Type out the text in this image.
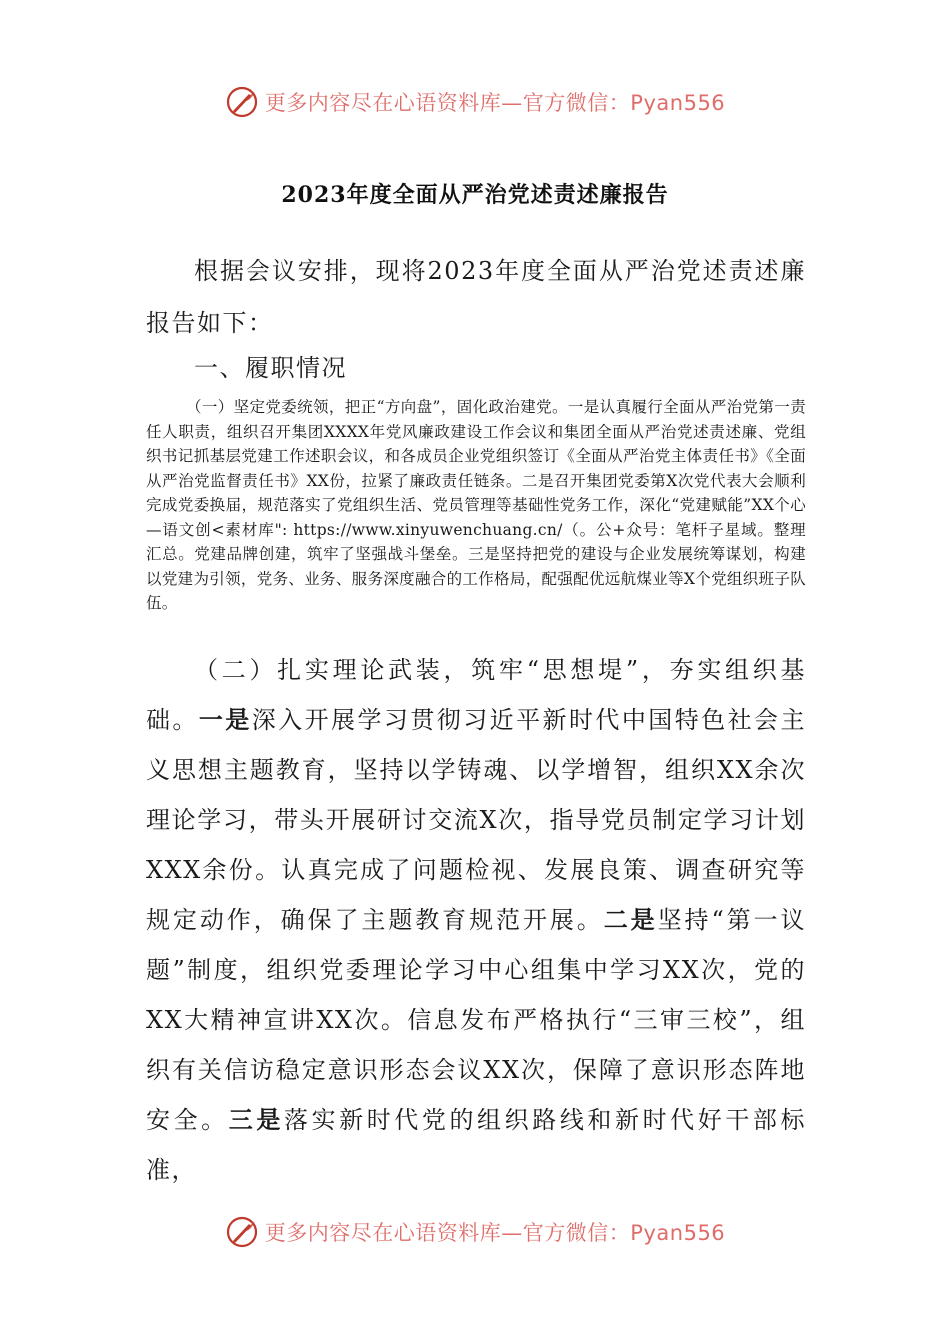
更多内容尽在心语资料库—官方微信：Pyan556
2023年度全面从严治党述责述廉报告

根据会议安排，现将2023年度全面从严治党述责述廉报告如下：

一、履职情况

（一）坚定党委统领，把正“方向盘”，固化政治建党。一是认真履行全面从严治党第一责任人职责，组织召开集团XXXX年党风廉政建设工作会议和集团全面从严治党述责述廉、党组织书记抓基层党建工作述职会议，和各成员企业党组织签订《全面从严治党主体责任书》《全面从严治党监督责任书》XX份，拉紧了廉政责任链条。二是召开集团党委第X次党代表大会顺利完成党委换届，规范落实了党组织生活、党员管理等基础性党务工作，深化“党建赋能”XX个心—语文创<素材库": https://www.xinyuwenchuang.cn/（。公+众号：笔杆子星域。整理汇总。党建品牌创建，筑牢了坚强战斗堡垒。三是坚持把党的建设与企业发展统筹谋划，构建以党建为引领，党务、业务、服务深度融合的工作格局，配强配优远航煤业等X个党组织班子队伍。

（二）扎实理论武装，筑牢“思想堤”，夯实组织基础。一是深入开展学习贯彻习近平新时代中国特色社会主义思想主题教育，坚持以学铸魂、以学增智，组织XX余次理论学习，带头开展研讨交流X次，指导党员制定学习计划XXX余份。认真完成了问题检视、发展良策、调查研究等规定动作，确保了主题教育规范开展。二是坚持“第一议题”制度，组织党委理论学习中心组集中学习XX次，党的XX大精神宣讲XX次。信息发布严格执行“三审三校”，组织有关信访稳定意识形态会议XX次，保障了意识形态阵地安全。三是落实新时代党的组织路线和新时代好干部标准，

更多内容尽在心语资料库—官方微信：Pyan556
